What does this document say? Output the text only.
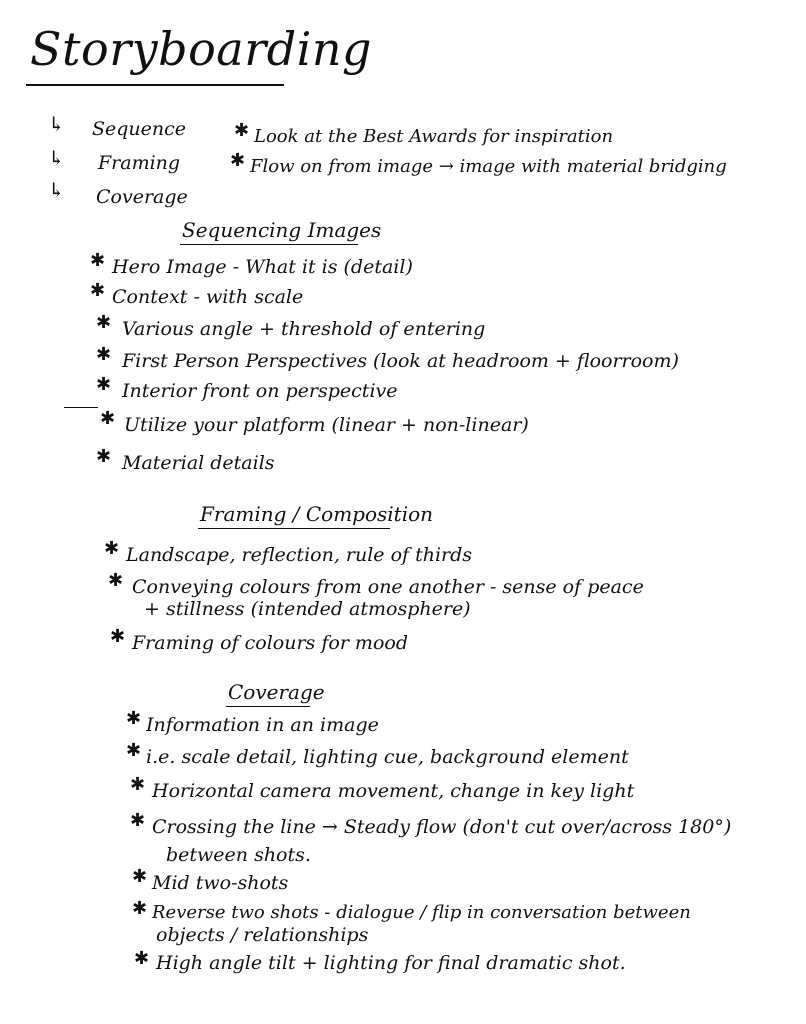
Storyboarding
↳ Sequence
↳ Framing
↳ Coverage
✱ Look at the Best Awards for inspiration
✱ Flow on from image → image with material bridging
Sequencing Images
✱ Hero Image - What it is (detail)
✱ Context - with scale
✱ Various angle + threshold of entering
✱ First Person Perspectives (look at headroom + floorroom)
✱ Interior front on perspective
✱ Utilize your platform (linear + non-linear)
✱ Material details
Framing / Composition
✱ Landscape, reflection, rule of thirds
✱ Conveying colours from one another - sense of peace
+ stillness (intended atmosphere)
✱ Framing of colours for mood
Coverage
✱ Information in an image
✱ i.e. scale detail, lighting cue, background element
✱ Horizontal camera movement, change in key light
✱ Crossing the line → Steady flow (don't cut over/across 180°)
between shots.
✱ Mid two-shots
✱ Reverse two shots - dialogue / flip in conversation between
objects / relationships
✱ High angle tilt + lighting for final dramatic shot.
